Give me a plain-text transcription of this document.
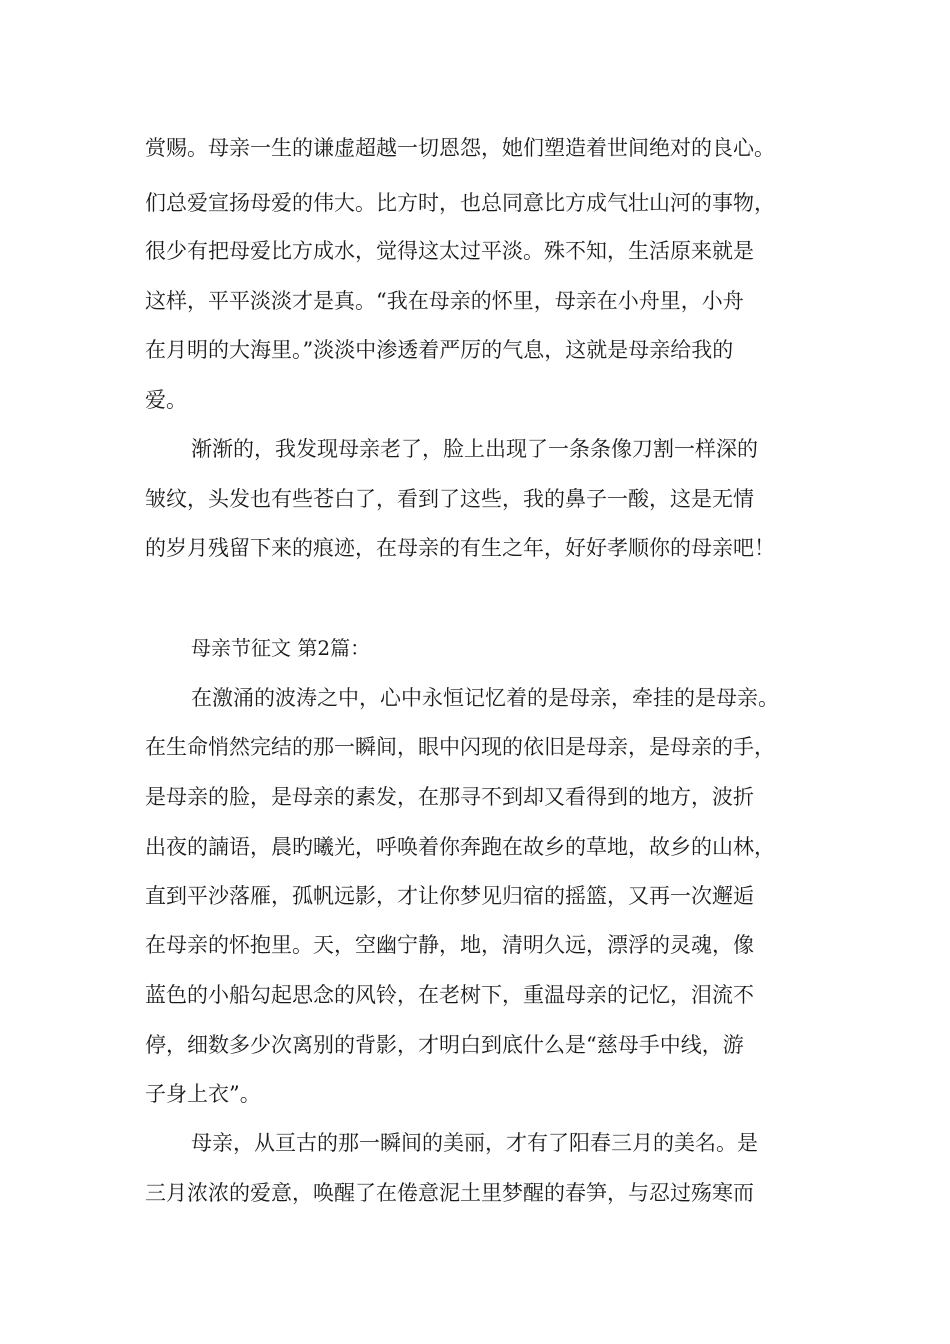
赏赐。母亲一生的谦虚超越一切恩怨，她们塑造着世间绝对的良心。
们总爱宣扬母爱的伟大。比方时，也总同意比方成气壮山河的事物，
很少有把母爱比方成水，觉得这太过平淡。殊不知，生活原来就是
这样，平平淡淡才是真。“我在母亲的怀里，母亲在小舟里，小舟
在月明的大海里。”淡淡中渗透着严厉的气息，这就是母亲给我的
爱。
渐渐的，我发现母亲老了，脸上出现了一条条像刀割一样深的
皱纹，头发也有些苍白了，看到了这些，我的鼻子一酸，这是无情
的岁月残留下来的痕迹，在母亲的有生之年，好好孝顺你的母亲吧！
母亲节征文 第2篇：
在激涌的波涛之中，心中永恒记忆着的是母亲，牵挂的是母亲。
在生命悄然完结的那一瞬间，眼中闪现的依旧是母亲，是母亲的手，
是母亲的脸，是母亲的素发，在那寻不到却又看得到的地方，波折
出夜的諵语，晨旳曦光，呼唤着你奔跑在故乡的草地，故乡的山林，
直到平沙落雁，孤帆远影，才让你梦见归宿的摇篮，又再一次邂逅
在母亲的怀抱里。天，空幽宁静，地，清明久远，漂浮的灵魂，像
蓝色的小船勾起思念的风铃，在老树下，重温母亲的记忆，泪流不
停，细数多少次离别的背影，才明白到底什么是“慈母手中线，游
子身上衣”。
母亲，从亘古的那一瞬间的美丽，才有了阳春三月的美名。是
三月浓浓的爱意，唤醒了在倦意泥土里梦醒的春笋，与忍过殇寒而
